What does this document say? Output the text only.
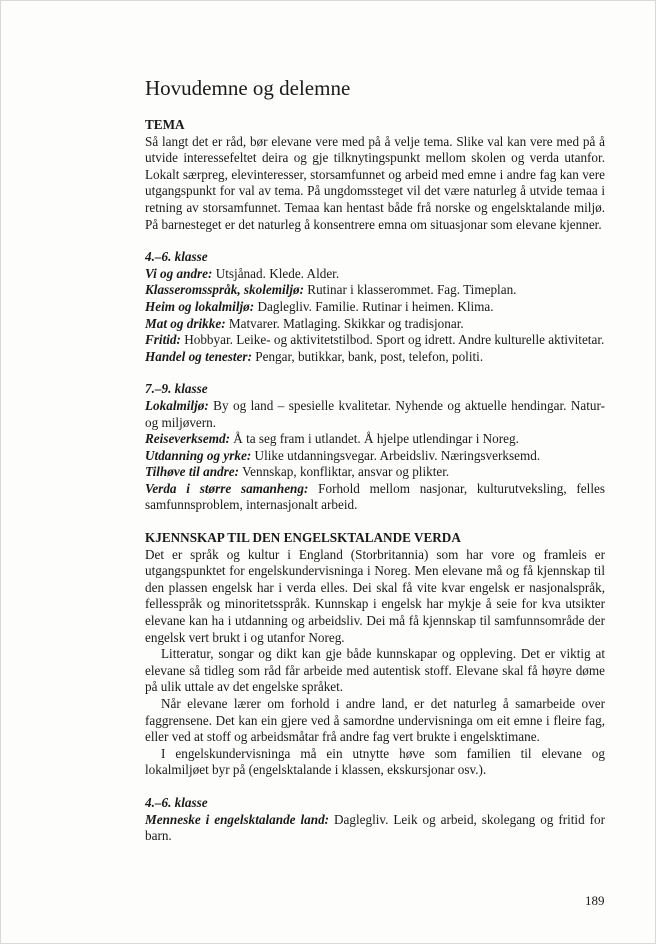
Hovudemne og delemne
TEMA

Så langt det er råd, bør elevane vere med på å velje tema. Slike val kan vere med på å utvide interessefeltet deira og gje tilknytingspunkt mellom skolen og verda utanfor. Lokalt særpreg, elevinteresser, storsamfunnet og arbeid med emne i andre fag kan vere utgangspunkt for val av tema. På ungdomssteget vil det være naturleg å utvide temaa i retning av storsamfunnet. Temaa kan hentast både frå norske og engelsktalande miljø. På barnesteget er det naturleg å konsentrere emna om situasjonar som elevane kjenner.

4.–6. klasse

Vi og andre: Utsjånad. Klede. Alder.

Klasseromsspråk, skolemiljø: Rutinar i klasserommet. Fag. Timeplan.

Heim og lokalmiljø: Daglegliv. Familie. Rutinar i heimen. Klima.

Mat og drikke: Matvarer. Matlaging. Skikkar og tradisjonar.

Fritid: Hobbyar. Leike- og aktivitetstilbod. Sport og idrett. Andre kulturelle aktivitetar.

Handel og tenester: Pengar, butikkar, bank, post, telefon, politi.

7.–9. klasse

Lokalmiljø: By og land – spesielle kvalitetar. Nyhende og aktuelle hendingar. Natur- og miljøvern.

Reiseverksemd: Å ta seg fram i utlandet. Å hjelpe utlendingar i Noreg.

Utdanning og yrke: Ulike utdanningsvegar. Arbeidsliv. Næringsverksemd.

Tilhøve til andre: Vennskap, konfliktar, ansvar og plikter.

Verda i større samanheng: Forhold mellom nasjonar, kulturutveksling, felles samfunnsproblem, internasjonalt arbeid.

KJENNSKAP TIL DEN ENGELSKTALANDE VERDA

Det er språk og kultur i England (Storbritannia) som har vore og framleis er utgangspunktet for engelskundervisninga i Noreg. Men elevane må og få kjennskap til den plassen engelsk har i verda elles. Dei skal få vite kvar engelsk er nasjonalspråk, fellesspråk og minoritetsspråk. Kunnskap i engelsk har mykje å seie for kva utsikter elevane kan ha i utdanning og arbeidsliv. Dei må få kjennskap til samfunnsområde der engelsk vert brukt i og utanfor Noreg.

Litteratur, songar og dikt kan gje både kunnskapar og oppleving. Det er viktig at elevane så tidleg som råd får arbeide med autentisk stoff. Elevane skal få høyre døme på ulik uttale av det engelske språket.

Når elevane lærer om forhold i andre land, er det naturleg å samarbeide over faggrensene. Det kan ein gjere ved å samordne undervisninga om eit emne i fleire fag, eller ved at stoff og arbeidsmåtar frå andre fag vert brukte i engelsktimane.

I engelskundervisninga må ein utnytte høve som familien til elevane og lokalmiljøet byr på (engelsktalande i klassen, ekskursjonar osv.).

4.–6. klasse

Menneske i engelsktalande land: Daglegliv. Leik og arbeid, skolegang og fritid for barn.

189
